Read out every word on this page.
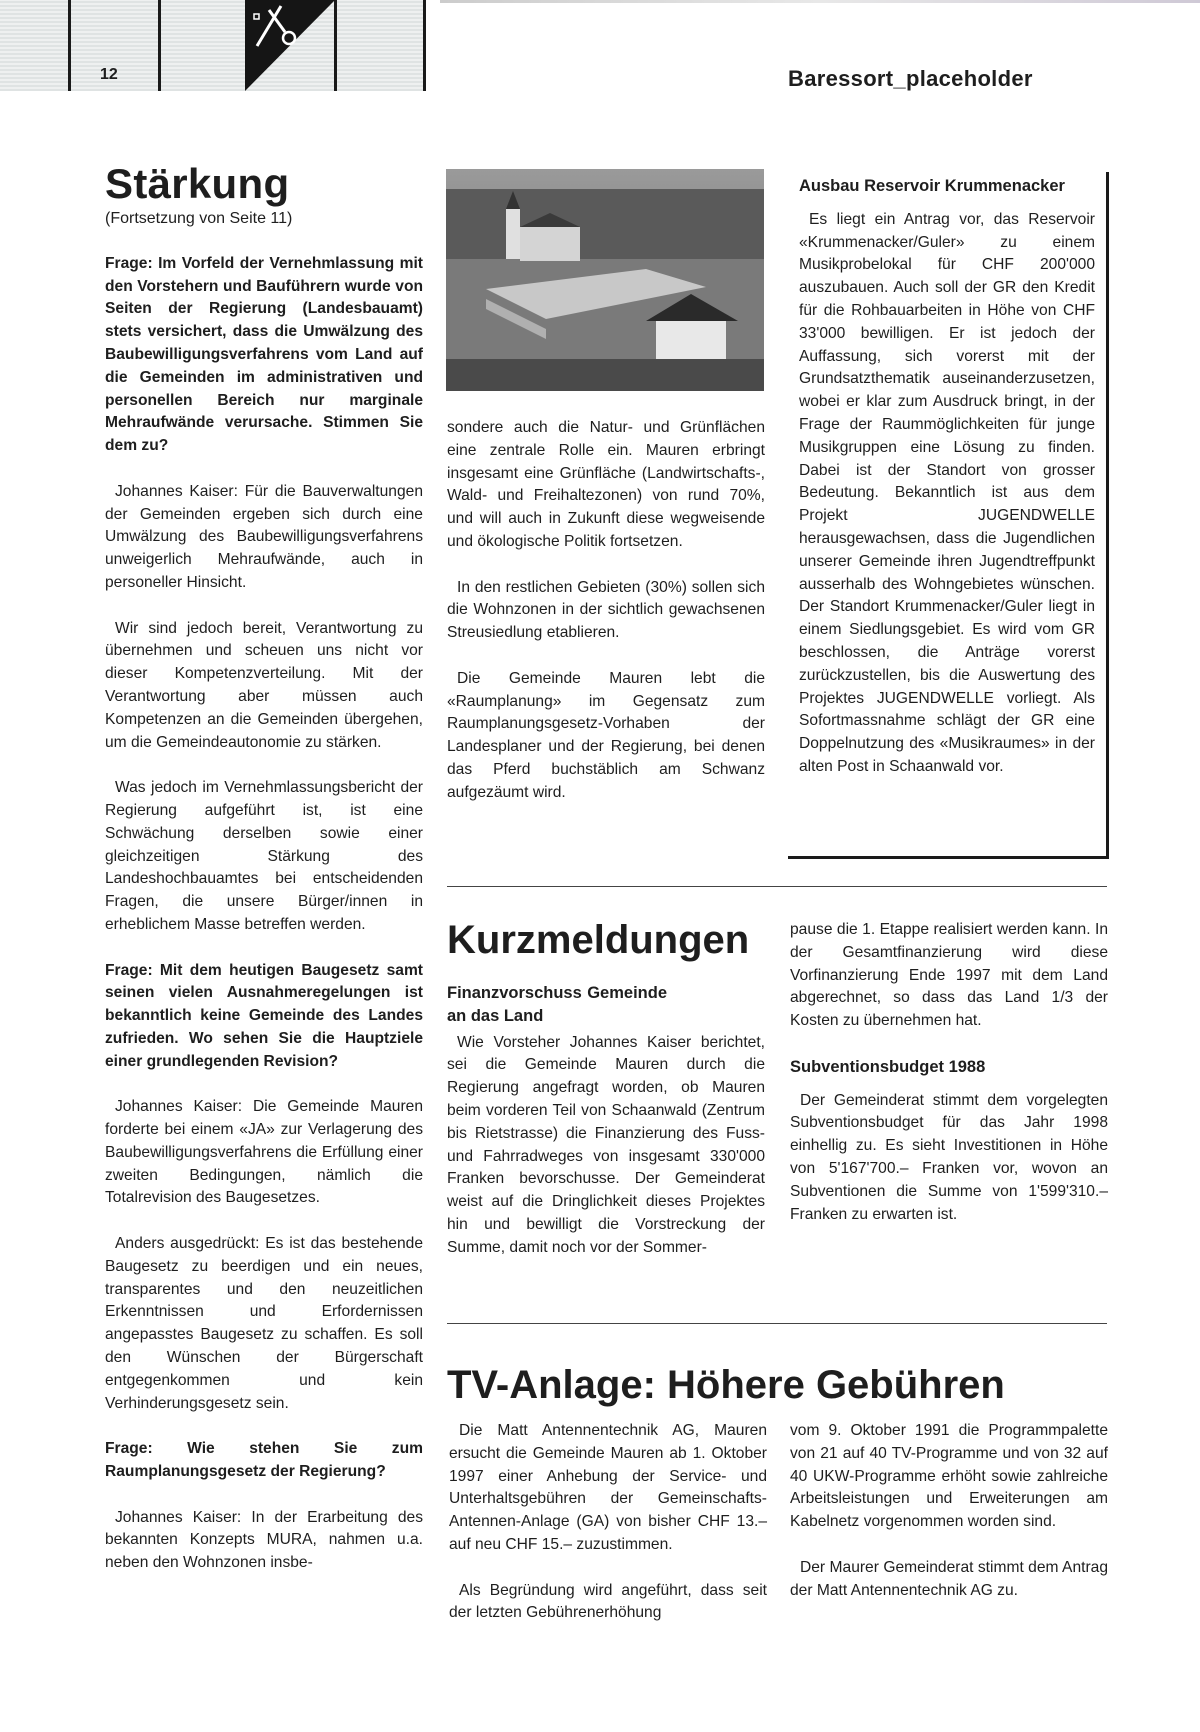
12	Baressort_placeholder
Stärkung
(Fortsetzung von Seite 11)

Frage: Im Vorfeld der Vernehmlassung mit den Vorstehern und Bauführern wurde von Seiten der Regierung (Landesbauamt) stets versichert, dass die Umwälzung des Baubewilligungsverfahrens vom Land auf die Gemeinden im administrativen und personellen Bereich nur marginale Mehraufwände verursache. Stimmen Sie dem zu?

Johannes Kaiser: Für die Bauverwaltungen der Gemeinden ergeben sich durch eine Umwälzung des Baubewilligungsverfahrens unweigerlich Mehraufwände, auch in personeller Hinsicht.

Wir sind jedoch bereit, Verantwortung zu übernehmen und scheuen uns nicht vor dieser Kompetenzverteilung. Mit der Verantwortung aber müssen auch Kompetenzen an die Gemeinden übergehen, um die Gemeindeautonomie zu stärken.

Was jedoch im Vernehmlassungsbericht der Regierung aufgeführt ist, ist eine Schwächung derselben sowie einer gleichzeitigen Stärkung des Landeshochbauamtes bei entscheidenden Fragen, die unsere Bürger/innen in erheblichem Masse betreffen werden.

Frage: Mit dem heutigen Baugesetz samt seinen vielen Ausnahmeregelungen ist bekanntlich keine Gemeinde des Landes zufrieden. Wo sehen Sie die Hauptziele einer grundlegenden Revision?

Johannes Kaiser: Die Gemeinde Mauren forderte bei einem «JA» zur Verlagerung des Baubewilligungsverfahrens die Erfüllung einer zweiten Bedingungen, nämlich die Totalrevision des Baugesetzes.

Anders ausgedrückt: Es ist das bestehende Baugesetz zu beerdigen und ein neues, transparentes und den neuzeitlichen Erkenntnissen und Erfordernissen angepasstes Baugesetz zu schaffen. Es soll den Wünschen der Bürgerschaft entgegenkommen und kein Verhinderungsgesetz sein.

Frage: Wie stehen Sie zum Raumplanungsgesetz der Regierung?

Johannes Kaiser: In der Erarbeitung des bekannten Konzepts MURA, nahmen u.a. neben den Wohnzonen insbe-

sondere auch die Natur- und Grünflächen eine zentrale Rolle ein. Mauren erbringt insgesamt eine Grünfläche (Landwirtschafts-, Wald- und Freihaltezonen) von rund 70%, und will auch in Zukunft diese wegweisende und ökologische Politik fortsetzen.

In den restlichen Gebieten (30%) sollen sich die Wohnzonen in der sichtlich gewachsenen Streusiedlung etablieren.

Die Gemeinde Mauren lebt die «Raumplanung» im Gegensatz zum Raumplanungsgesetz-Vorhaben der Landesplaner und der Regierung, bei denen das Pferd buchstäblich am Schwanz aufgezäumt wird.

Ausbau Reservoir Krummenacker

Es liegt ein Antrag vor, das Reservoir «Krummenacker/Guler» zu einem Musikprobelokal für CHF 200'000 auszubauen. Auch soll der GR den Kredit für die Rohbauarbeiten in Höhe von CHF 33'000 bewilligen. Er ist jedoch der Auffassung, sich vorerst mit der Grundsatzthematik auseinanderzusetzen, wobei er klar zum Ausdruck bringt, in der Frage der Raummöglichkeiten für junge Musikgruppen eine Lösung zu finden. Dabei ist der Standort von grosser Bedeutung. Bekanntlich ist aus dem Projekt JUGENDWELLE herausgewachsen, dass die Jugendlichen unserer Gemeinde ihren Jugendtreffpunkt ausserhalb des Wohngebietes wünschen. Der Standort Krummenacker/Guler liegt in einem Siedlungsgebiet. Es wird vom GR beschlossen, die Anträge vorerst zurückzustellen, bis die Auswertung des Projektes JUGENDWELLE vorliegt. Als Sofortmassnahme schlägt der GR eine Doppelnutzung des «Musikraumes» in der alten Post in Schaanwald vor.

Kurzmeldungen
Finanzvorschuss Gemeinde an das Land

Wie Vorsteher Johannes Kaiser berichtet, sei die Gemeinde Mauren durch die Regierung angefragt worden, ob Mauren beim vorderen Teil von Schaanwald (Zentrum bis Rietstrasse) die Finanzierung des Fuss- und Fahrradweges von insgesamt 330'000 Franken bevorschusse. Der Gemeinderat weist auf die Dringlichkeit dieses Projektes hin und bewilligt die Vorstreckung der Summe, damit noch vor der Sommer-

pause die 1. Etappe realisiert werden kann. In der Gesamtfinanzierung wird diese Vorfinanzierung Ende 1997 mit dem Land abgerechnet, so dass das Land 1/3 der Kosten zu übernehmen hat.

Subventionsbudget 1988

Der Gemeinderat stimmt dem vorgelegten Subventionsbudget für das Jahr 1998 einhellig zu. Es sieht Investitionen in Höhe von 5'167'700.– Franken vor, wovon an Subventionen die Summe von 1'599'310.– Franken zu erwarten ist.

TV-Anlage: Höhere Gebühren

Die Matt Antennentechnik AG, Mauren ersucht die Gemeinde Mauren ab 1. Oktober 1997 einer Anhebung der Service- und Unterhaltsgebühren der Gemeinschafts-Antennen-Anlage (GA) von bisher CHF 13.– auf neu CHF 15.– zuzustimmen.

Als Begründung wird angeführt, dass seit der letzten Gebührenerhöhung

vom 9. Oktober 1991 die Programmpalette von 21 auf 40 TV-Programme und von 32 auf 40 UKW-Programme erhöht sowie zahlreiche Arbeitsleistungen und Erweiterungen am Kabelnetz vorgenommen worden sind.

Der Maurer Gemeinderat stimmt dem Antrag der Matt Antennentechnik AG zu.
